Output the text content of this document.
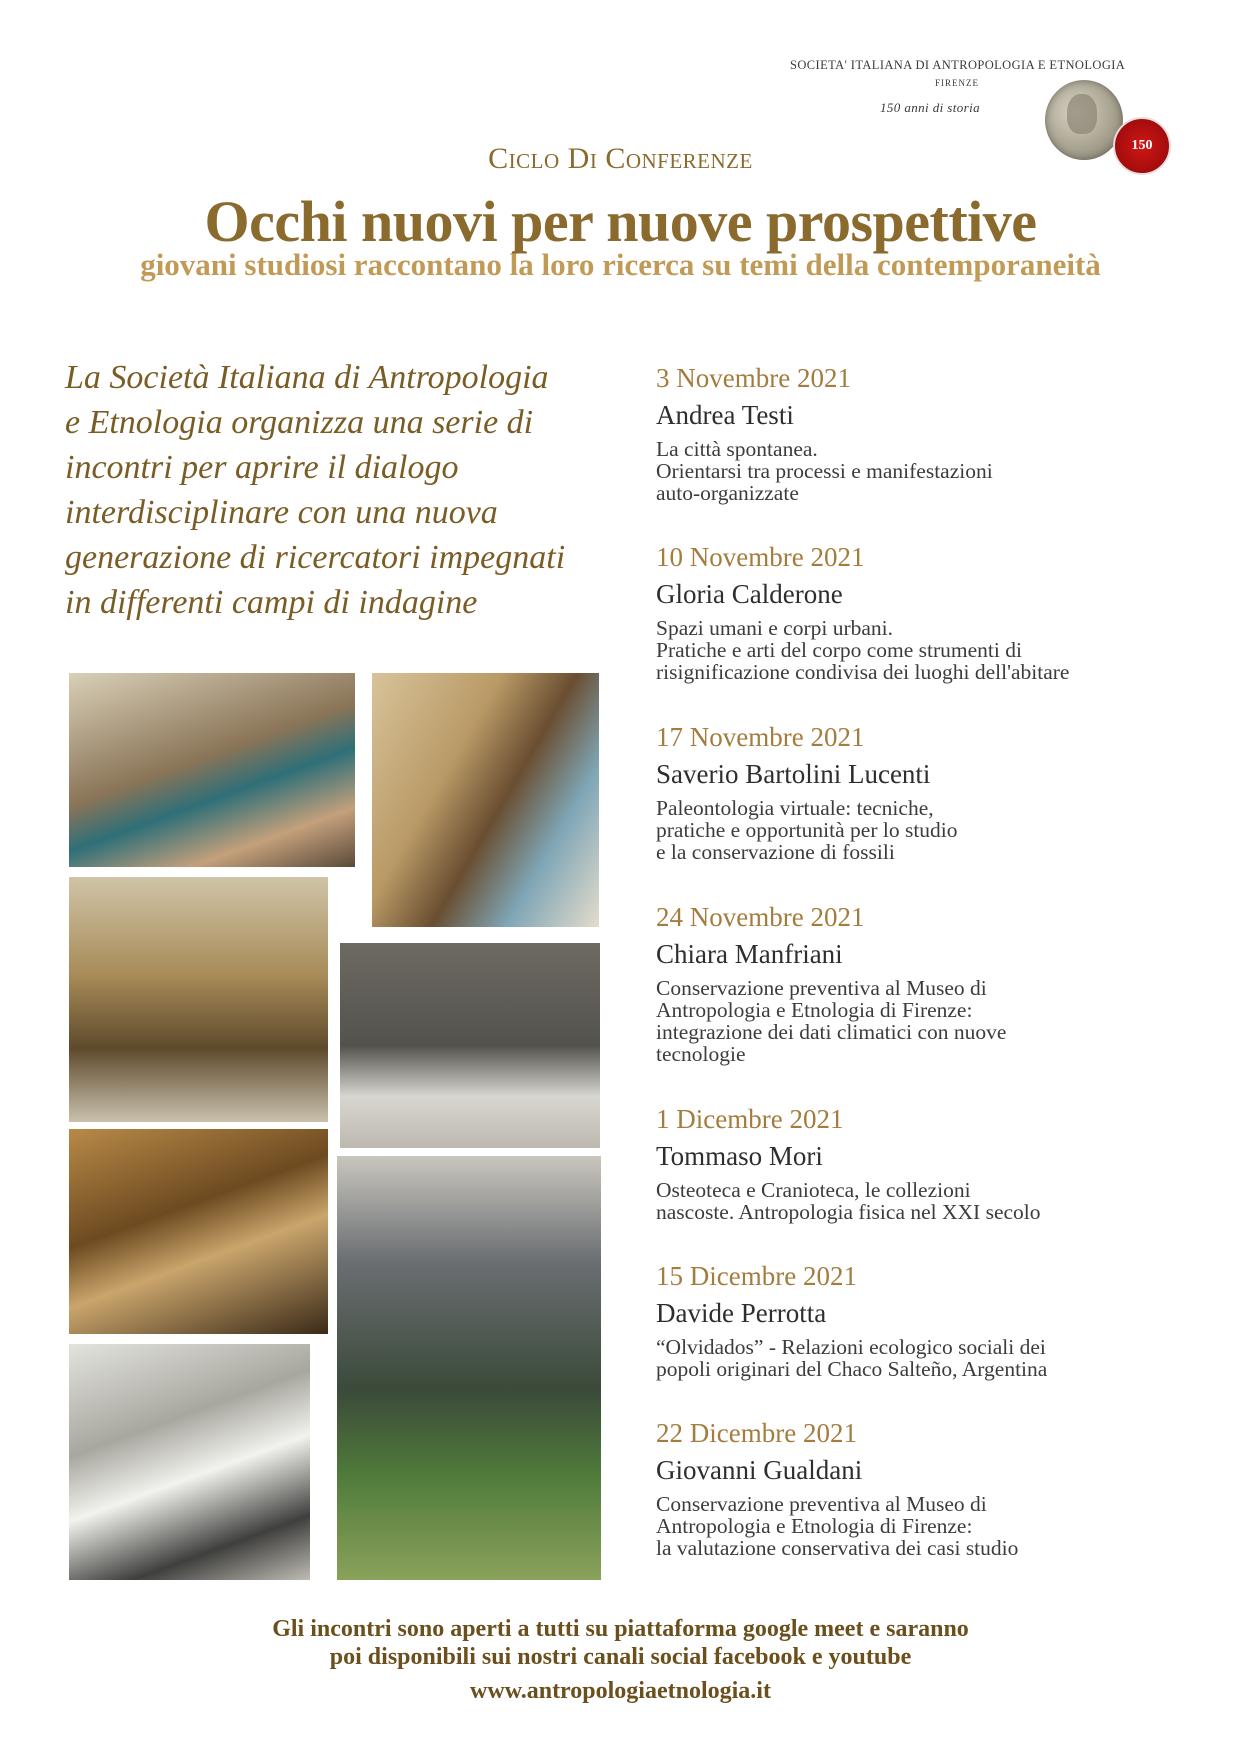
SOCIETA' ITALIANA DI ANTROPOLOGIA E ETNOLOGIA
FIRENZE
150 anni di storia
150
Ciclo Di Conferenze
Occhi nuovi per nuove prospettive
giovani studiosi raccontano la loro ricerca su temi della contemporaneità
La Società Italiana di Antropologia
e Etnologia organizza una serie di
incontri per aprire il dialogo
interdisciplinare con una nuova
generazione di ricercatori impegnati
in differenti campi di indagine
3 Novembre 2021
Andrea Testi
La città spontanea.
Orientarsi tra processi e manifestazioni
auto-organizzate
10 Novembre 2021
Gloria Calderone
Spazi umani e corpi urbani.
Pratiche e arti del corpo come strumenti di
risignificazione condivisa dei luoghi dell'abitare
17 Novembre 2021
Saverio Bartolini Lucenti
Paleontologia virtuale: tecniche,
pratiche e opportunità per lo studio
e la conservazione di fossili
24 Novembre 2021
Chiara Manfriani
Conservazione preventiva al Museo di
Antropologia e Etnologia di Firenze:
integrazione dei dati climatici con nuove
tecnologie
1 Dicembre 2021
Tommaso Mori
Osteoteca e Cranioteca, le collezioni
nascoste. Antropologia fisica nel XXI secolo
15 Dicembre 2021
Davide Perrotta
“Olvidados” - Relazioni ecologico sociali dei
popoli originari del Chaco Salteño, Argentina
22 Dicembre 2021
Giovanni Gualdani
Conservazione preventiva al Museo di
Antropologia e Etnologia di Firenze:
la valutazione conservativa dei casi studio
Gli incontri sono aperti a tutti su piattaforma google meet e saranno
poi disponibili sui nostri canali social facebook e youtube
www.antropologiaetnologia.it
